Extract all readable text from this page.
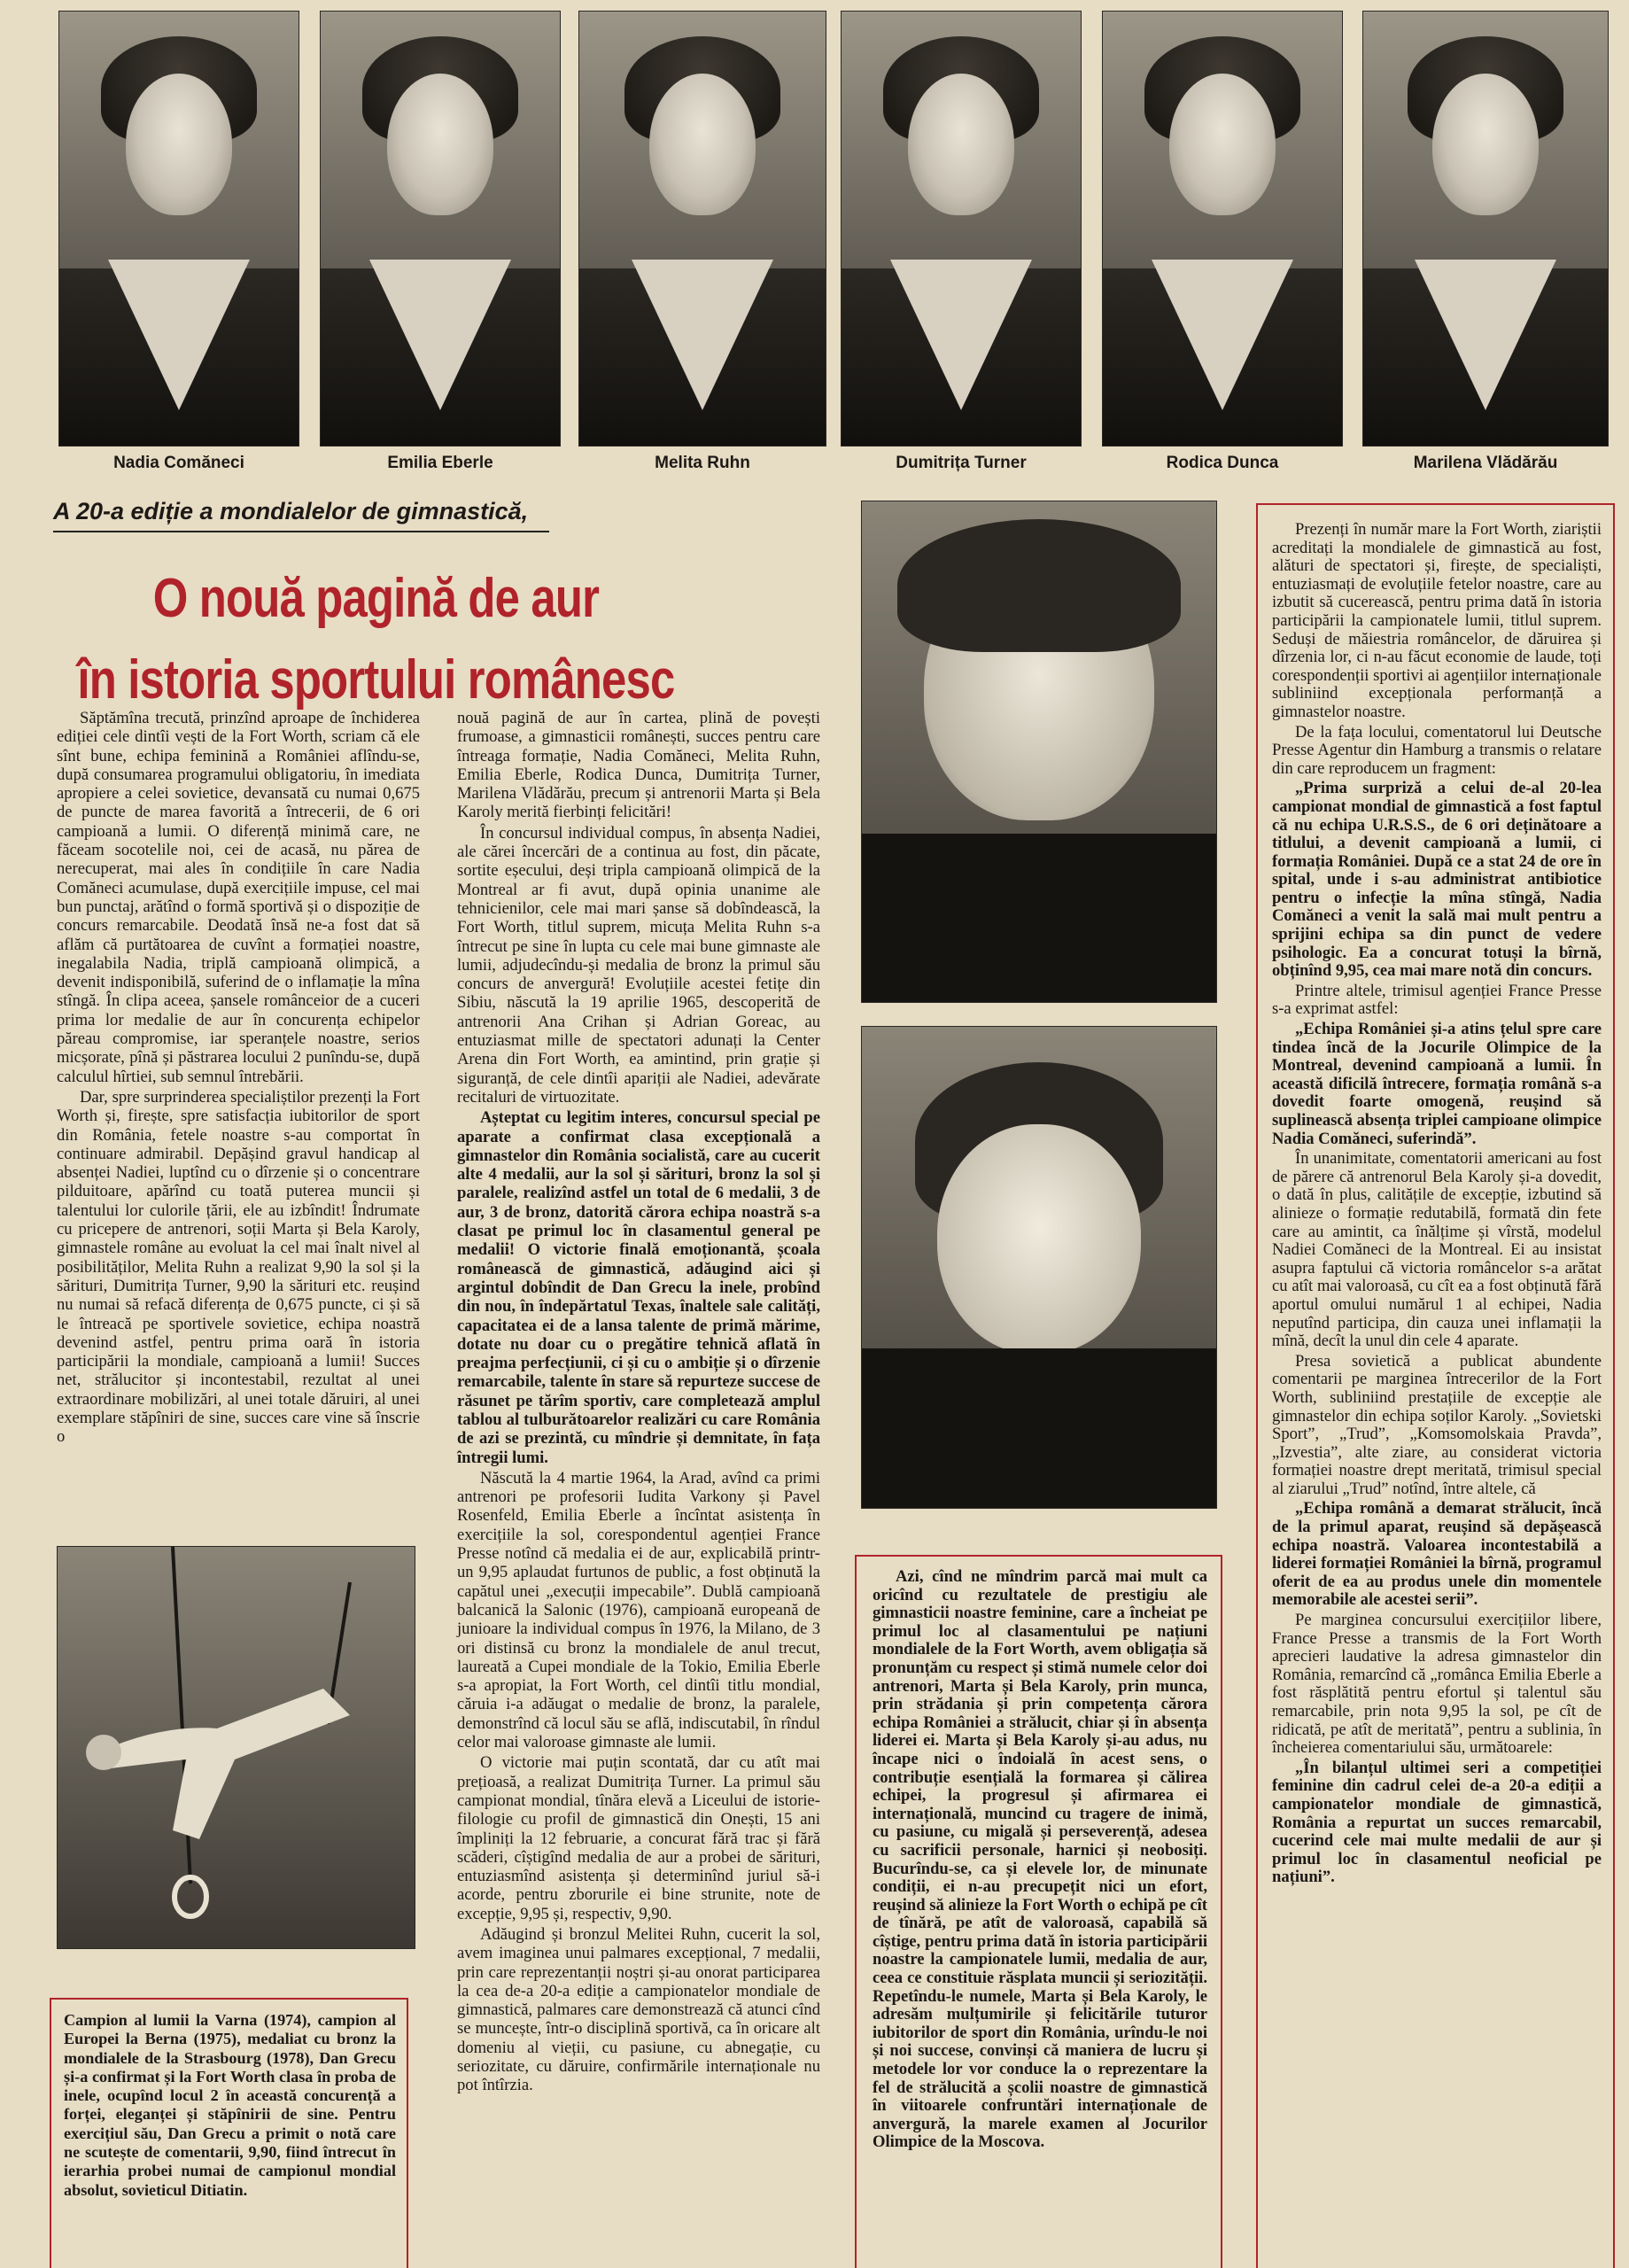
Nadia Comăneci	Emilia Eberle	Melita Ruhn	Dumitrița Turner	Rodica Dunca	Marilena Vlădărău
A 20-a ediție a mondialelor de gimnastică,
O nouă pagină de aur
în istoria sportului românesc

Săptămîna trecută, prinzînd aproape de închiderea ediției cele dintîi vești de la Fort Worth, scriam că ele sînt bune, echipa feminină a României aflîndu-se, după consumarea programului obligatoriu, în imediata apropiere a celei sovietice, devansată cu numai 0,675 de puncte de marea favorită a întrecerii, de 6 ori campioană a lumii. O diferență minimă care, ne făceam socotelile noi, cei de acasă, nu părea de nerecuperat, mai ales în condițiile în care Nadia Comăneci acumulase, după exercițiile impuse, cel mai bun punctaj, arătînd o formă sportivă și o dispoziție de concurs remarcabile. Deodată însă ne-a fost dat să aflăm că purtătoarea de cuvînt a formației noastre, inegalabila Nadia, triplă campioană olimpică, a devenit indisponibilă, suferind de o inflamație la mîna stîngă. În clipa aceea, șansele românceior de a cuceri prima lor medalie de aur în concurența echipelor păreau compromise, iar speranțele noastre, serios micșorate, pînă și păstrarea locului 2 punîndu-se, după calculul hîrtiei, sub semnul întrebării.

Dar, spre surprinderea specialiștilor prezenți la Fort Worth și, firește, spre satisfacția iubitorilor de sport din România, fetele noastre s-au comportat în continuare admirabil. Depășind gravul handicap al absenței Nadiei, luptînd cu o dîrzenie și o concentrare pilduitoare, apărînd cu toată puterea muncii și talentului lor culorile țării, ele au izbîndit! Îndrumate cu pricepere de antrenori, soții Marta și Bela Karoly, gimnastele române au evoluat la cel mai înalt nivel al posibilităților, Melita Ruhn a realizat 9,90 la sol și la sărituri, Dumitrița Turner, 9,90 la sărituri etc. reușind nu numai să refacă diferența de 0,675 puncte, ci și să le întreacă pe sportivele sovietice, echipa noastră devenind astfel, pentru prima oară în istoria participării la mondiale, campioană a lumii! Succes net, strălucitor și incontestabil, rezultat al unei extraordinare mobilizări, al unei totale dăruiri, al unei exemplare stăpîniri de sine, succes care vine să înscrie o

Campion al lumii la Varna (1974), campion al Europei la Berna (1975), medaliat cu bronz la mondialele de la Strasbourg (1978), Dan Grecu și-a confirmat și la Fort Worth clasa în proba de inele, ocupînd locul 2 în această concurență a forței, eleganței și stăpînirii de sine. Pentru exercițiul său, Dan Grecu a primit o notă care ne scutește de comentarii, 9,90, fiind întrecut în ierarhia probei numai de campionul mondial absolut, sovieticul Ditiatin.

nouă pagină de aur în cartea, plină de povești frumoase, a gimnasticii românești, succes pentru care întreaga formație, Nadia Comăneci, Melita Ruhn, Emilia Eberle, Rodica Dunca, Dumitrița Turner, Marilena Vlădărău, precum și antrenorii Marta și Bela Karoly merită fierbinți felicitări!

În concursul individual compus, în absența Nadiei, ale cărei încercări de a continua au fost, din păcate, sortite eșecului, deși tripla campioană olimpică de la Montreal ar fi avut, după opinia unanime ale tehnicienilor, cele mai mari șanse să dobîndească, la Fort Worth, titlul suprem, micuța Melita Ruhn s-a întrecut pe sine în lupta cu cele mai bune gimnaste ale lumii, adjudecîndu-și medalia de bronz la primul său concurs de anvergură! Evoluțiile acestei fetițe din Sibiu, născută la 19 aprilie 1965, descoperită de antrenorii Ana Crihan și Adrian Goreac, au entuziasmat mille de spectatori adunați la Center Arena din Fort Worth, ea amintind, prin grație și siguranță, de cele dintîi apariții ale Nadiei, adevărate recitaluri de virtuozitate.

Așteptat cu legitim interes, concursul special pe aparate a confirmat clasa excepțională a gimnastelor din România socialistă, care au cucerit alte 4 medalii, aur la sol și sărituri, bronz la sol și paralele, realizînd astfel un total de 6 medalii, 3 de aur, 3 de bronz, datorită cărora echipa noastră s-a clasat pe primul loc în clasamentul general pe medalii! O victorie finală emoționantă, școala românească de gimnastică, adăugind aici și argintul dobîndit de Dan Grecu la inele, probînd din nou, în îndepărtatul Texas, înaltele sale calități, capacitatea ei de a lansa talente de primă mărime, dotate nu doar cu o pregătire tehnică aflată în preajma perfecțiunii, ci și cu o ambiție și o dîrzenie remarcabile, talente în stare să repurteze succese de răsunet pe tărîm sportiv, care completează amplul tablou al tulburătoarelor realizări cu care România de azi se prezintă, cu mîndrie și demnitate, în fața întregii lumi.

Născută la 4 martie 1964, la Arad, avînd ca primi antrenori pe profesorii Iudita Varkony și Pavel Rosenfeld, Emilia Eberle a încîntat asistența în exercițiile la sol, corespondentul agenției France Presse notînd că medalia ei de aur, explicabilă printr-un 9,95 aplaudat furtunos de public, a fost obținută la capătul unei „execuții impecabile”. Dublă campioană balcanică la Salonic (1976), campioană europeană de junioare la individual compus în 1976, la Milano, de 3 ori distinsă cu bronz la mondialele de anul trecut, laureată a Cupei mondiale de la Tokio, Emilia Eberle s-a apropiat, la Fort Worth, cel dintîi titlu mondial, căruia i-a adăugat o medalie de bronz, la paralele, demonstrînd că locul său se află, indiscutabil, în rîndul celor mai valoroase gimnaste ale lumii.

O victorie mai puțin scontată, dar cu atît mai prețioasă, a realizat Dumitrița Turner. La primul său campionat mondial, tînăra elevă a Liceului de istorie-filologie cu profil de gimnastică din Onești, 15 ani împliniți la 12 februarie, a concurat fără trac și fără scăderi, cîștigînd medalia de aur a probei de sărituri, entuziasmînd asistența și determinînd juriul să-i acorde, pentru zborurile ei bine strunite, note de excepție, 9,95 și, respectiv, 9,90.

Adăugind și bronzul Melitei Ruhn, cucerit la sol, avem imaginea unui palmares excepțional, 7 medalii, prin care reprezentanții noștri și-au onorat participarea la cea de-a 20-a ediție a campionatelor mondiale de gimnastică, palmares care demonstrează că atunci cînd se muncește, într-o disciplină sportivă, ca în oricare alt domeniu al vieții, cu pasiune, cu abnegație, cu seriozitate, cu dăruire, confirmările internaționale nu pot întîrzia.

Azi, cînd ne mîndrim parcă mai mult ca oricînd cu rezultatele de prestigiu ale gimnasticii noastre feminine, care a încheiat pe primul loc al clasamentului pe națiuni mondialele de la Fort Worth, avem obligația să pronunțăm cu respect și stimă numele celor doi antrenori, Marta și Bela Karoly, prin munca, prin strădania și prin competența cărora echipa României a strălucit, chiar și în absența liderei ei. Marta și Bela Karoly și-au adus, nu încape nici o îndoială în acest sens, o contribuție esențială la formarea și călirea echipei, la progresul și afirmarea ei internațională, muncind cu tragere de inimă, cu pasiune, cu migală și perseverență, adesea cu sacrificii personale, harnici și neobosiți. Bucurîndu-se, ca și elevele lor, de minunate condiții, ei n-au precupețit nici un efort, reușind să alinieze la Fort Worth o echipă pe cît de tînără, pe atît de valoroasă, capabilă să cîștige, pentru prima dată în istoria participării noastre la campionatele lumii, medalia de aur, ceea ce constituie răsplata muncii și seriozității. Repetîndu-le numele, Marta și Bela Karoly, le adresăm mulțumirile și felicitările tuturor iubitorilor de sport din România, urîndu-le noi și noi succese, convinși că maniera de lucru și metodele lor vor conduce la o reprezentare la fel de strălucită a școlii noastre de gimnastică în viitoarele confruntări internaționale de anvergură, la marele examen al Jocurilor Olimpice de la Moscova.

Prezenți în număr mare la Fort Worth, ziariștii acreditați la mondialele de gimnastică au fost, alături de spectatori și, firește, de specialiști, entuziasmați de evoluțiile fetelor noastre, care au izbutit să cucerească, pentru prima dată în istoria participării la campionatele lumii, titlul suprem. Seduși de măiestria româncelor, de dăruirea și dîrzenia lor, ci n-au făcut economie de laude, toți corespondenții sportivi ai agențiilor internaționale subliniind excepționala performanță a gimnastelor noastre.

De la fața locului, comentatorul lui Deutsche Presse Agentur din Hamburg a transmis o relatare din care reproducem un fragment:

„Prima surpriză a celui de-al 20-lea campionat mondial de gimnastică a fost faptul că nu echipa U.R.S.S., de 6 ori deținătoare a titlului, a devenit campioană a lumii, ci formația României. După ce a stat 24 de ore în spital, unde i s-au administrat antibiotice pentru o infecție la mîna stîngă, Nadia Comăneci a venit la sală mai mult pentru a sprijini echipa sa din punct de vedere psihologic. Ea a concurat totuși la bîrnă, obținînd 9,95, cea mai mare notă din concurs.

Printre altele, trimisul agenției France Presse s-a exprimat astfel:

„Echipa României și-a atins țelul spre care tindea încă de la Jocurile Olimpice de la Montreal, devenind campioană a lumii. În această dificilă întrecere, formația română s-a dovedit foarte omogenă, reușind să suplinească absența triplei campioane olimpice Nadia Comăneci, suferindă”.

În unanimitate, comentatorii americani au fost de părere că antrenorul Bela Karoly și-a dovedit, o dată în plus, calitățile de excepție, izbutind să alinieze o formație redutabilă, formată din fete care au amintit, ca înălțime și vîrstă, modelul Nadiei Comăneci de la Montreal. Ei au insistat asupra faptului că victoria româncelor s-a arătat cu atît mai valoroasă, cu cît ea a fost obținută fără aportul omului numărul 1 al echipei, Nadia neputînd participa, din cauza unei inflamații la mînă, decît la unul din cele 4 aparate.

Presa sovietică a publicat abundente comentarii pe marginea întrecerilor de la Fort Worth, subliniind prestațiile de excepție ale gimnastelor din echipa soților Karoly. „Sovietski Sport”, „Trud”, „Komsomolskaia Pravda”, „Izvestia”, alte ziare, au considerat victoria formației noastre drept meritată, trimisul special al ziarului „Trud” notînd, între altele, că

„Echipa română a demarat strălucit, încă de la primul aparat, reușind să depășească echipa noastră. Valoarea incontestabilă a liderei formației României la bîrnă, programul oferit de ea au produs unele din momentele memorabile ale acestei serii”.

Pe marginea concursului exercițiilor libere, France Presse a transmis de la Fort Worth aprecieri laudative la adresa gimnastelor din România, remarcînd că „românca Emilia Eberle a fost răsplătită pentru efortul și talentul său remarcabile, prin nota 9,95 la sol, pe cît de ridicată, pe atît de meritată”, pentru a sublinia, în încheierea comentariului său, următoarele:

„În bilanțul ultimei seri a competiției feminine din cadrul celei de-a 20-a ediții a campionatelor mondiale de gimnastică, România a repurtat un succes remarcabil, cucerind cele mai multe medalii de aur și primul loc în clasamentul neoficial pe națiuni”.
